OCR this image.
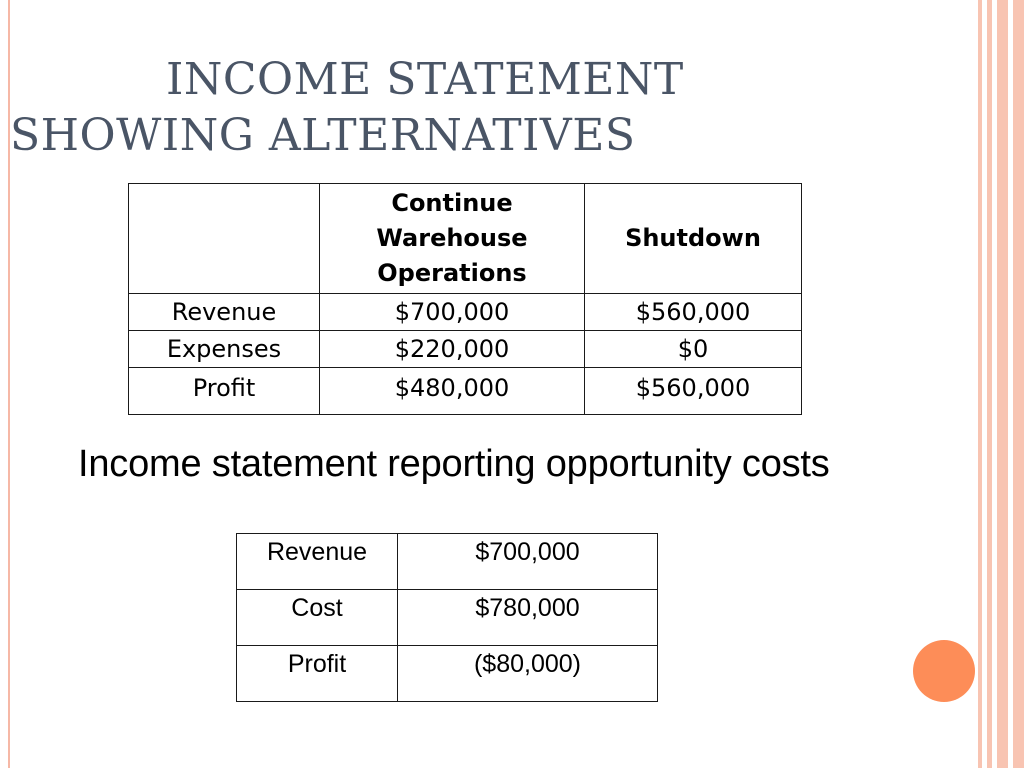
INCOME STATEMENT
SHOWING ALTERNATIVES
	Continue Warehouse Operations	Shutdown
Revenue	$700,000	$560,000
Expenses	$220,000	$0
Profit	$480,000	$560,000
Income statement reporting opportunity costs
Revenue	$700,000
Cost	$780,000
Profit	($80,000)
